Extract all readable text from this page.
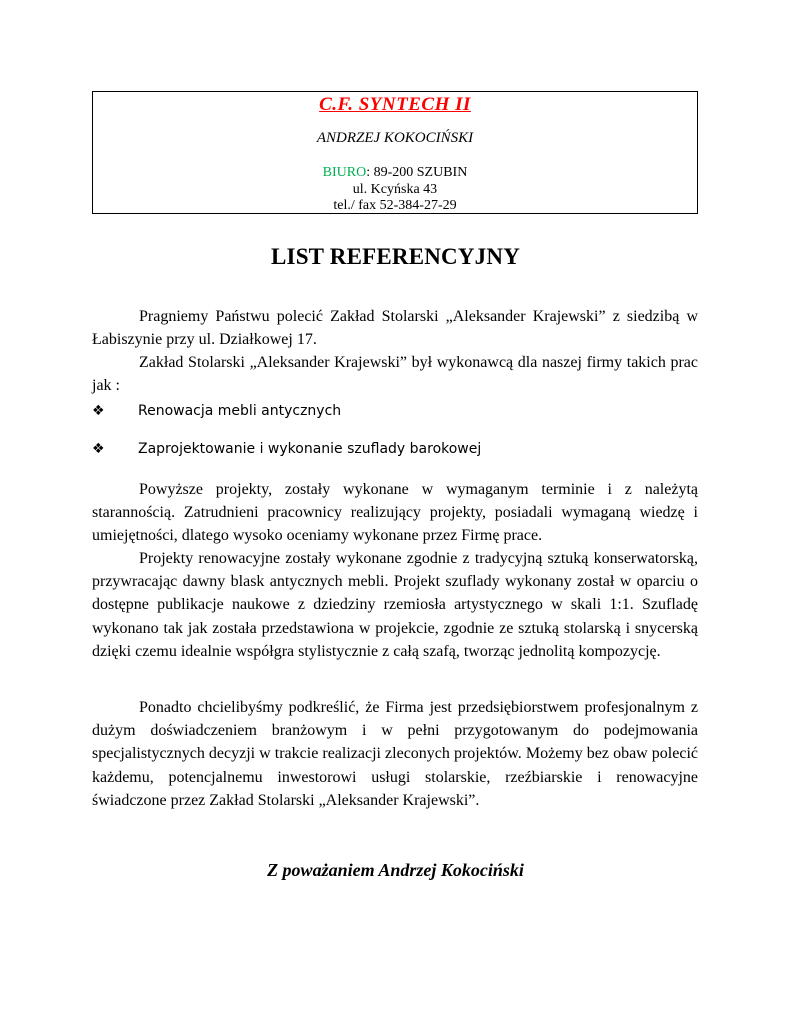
C.F. SYNTECH II
ANDRZEJ KOKOCIŃSKI
BIURO: 89-200 SZUBIN
ul. Kcyńska 43
tel./ fax 52-384-27-29
LIST REFERENCYJNY

Pragniemy Państwu polecić Zakład Stolarski „Aleksander Krajewski” z siedzibą w Łabiszynie przy ul. Działkowej 17.

Zakład Stolarski „Aleksander Krajewski” był wykonawcą dla naszej firmy takich prac jak :

❖ Renowacja mebli antycznych
❖ Zaprojektowanie i wykonanie szuflady barokowej

Powyższe projekty, zostały wykonane w wymaganym terminie i z należytą starannością. Zatrudnieni pracownicy realizujący projekty, posiadali wymaganą wiedzę i umiejętności, dlatego wysoko oceniamy wykonane przez Firmę prace.

Projekty renowacyjne zostały wykonane zgodnie z tradycyjną sztuką konserwatorską, przywracając dawny blask antycznych mebli. Projekt szuflady wykonany został w oparciu o dostępne publikacje naukowe z dziedziny rzemiosła artystycznego w skali 1:1. Szufladę wykonano tak jak została przedstawiona w projekcie, zgodnie ze sztuką stolarską i snycerską dzięki czemu idealnie współgra stylistycznie z całą szafą, tworząc jednolitą kompozycję.

Ponadto chcielibyśmy podkreślić, że Firma jest przedsiębiorstwem profesjonalnym z dużym doświadczeniem branżowym i w pełni przygotowanym do podejmowania specjalistycznych decyzji w trakcie realizacji zleconych projektów. Możemy bez obaw polecić każdemu, potencjalnemu inwestorowi usługi stolarskie, rzeźbiarskie i renowacyjne świadczone przez Zakład Stolarski „Aleksander Krajewski”.

Z poważaniem Andrzej Kokociński
